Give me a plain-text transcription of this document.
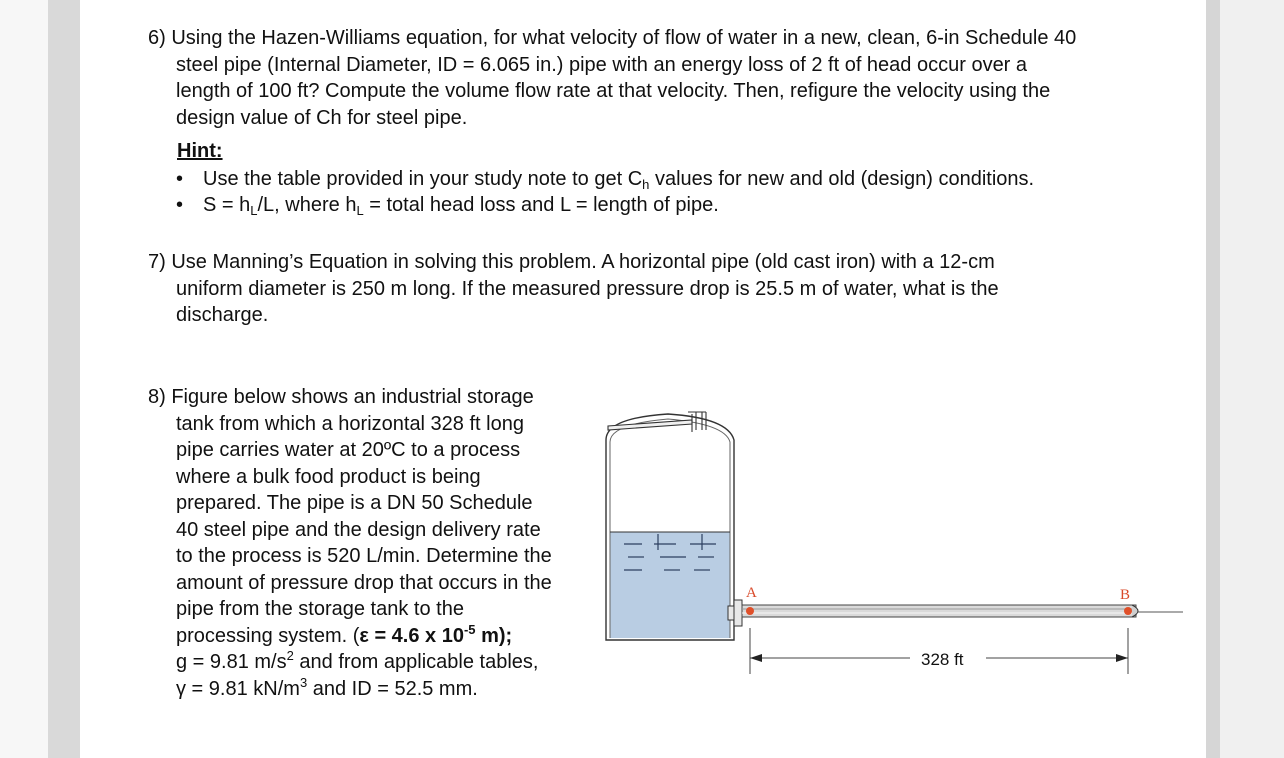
6) Using the Hazen-Williams equation, for what velocity of flow of water in a new, clean, 6-in Schedule 40

steel pipe (Internal Diameter, ID = 6.065 in.) pipe with an energy loss of 2 ft of head occur over a

length of 100 ft? Compute the volume flow rate at that velocity. Then, refigure the velocity using the

design value of Ch for steel pipe.

Hint:
• Use the table provided in your study note to get $C_h$ values for new and old (design) conditions.
• $S = h_L/L$, where $h_L$ = total head loss and L = length of pipe.

7) Use Manning’s Equation in solving this problem. A horizontal pipe (old cast iron) with a 12-cm

uniform diameter is 250 m long. If the measured pressure drop is 25.5 m of water, what is the

discharge.

8) Figure below shows an industrial storage

tank from which a horizontal 328 ft long

pipe carries water at 20ºC to a process

where a bulk food product is being

prepared. The pipe is a DN 50 Schedule

40 steel pipe and the design delivery rate

to the process is 520 L/min. Determine the

amount of pressure drop that occurs in the

pipe from the storage tank to the

processing system. (ε = 4.6 x $10^{-5}$ m);

g = 9.81 $m/s^2$ and from applicable tables,

γ = 9.81 $kN/m^3$ and ID = 52.5 mm.

A	B
328 ft
